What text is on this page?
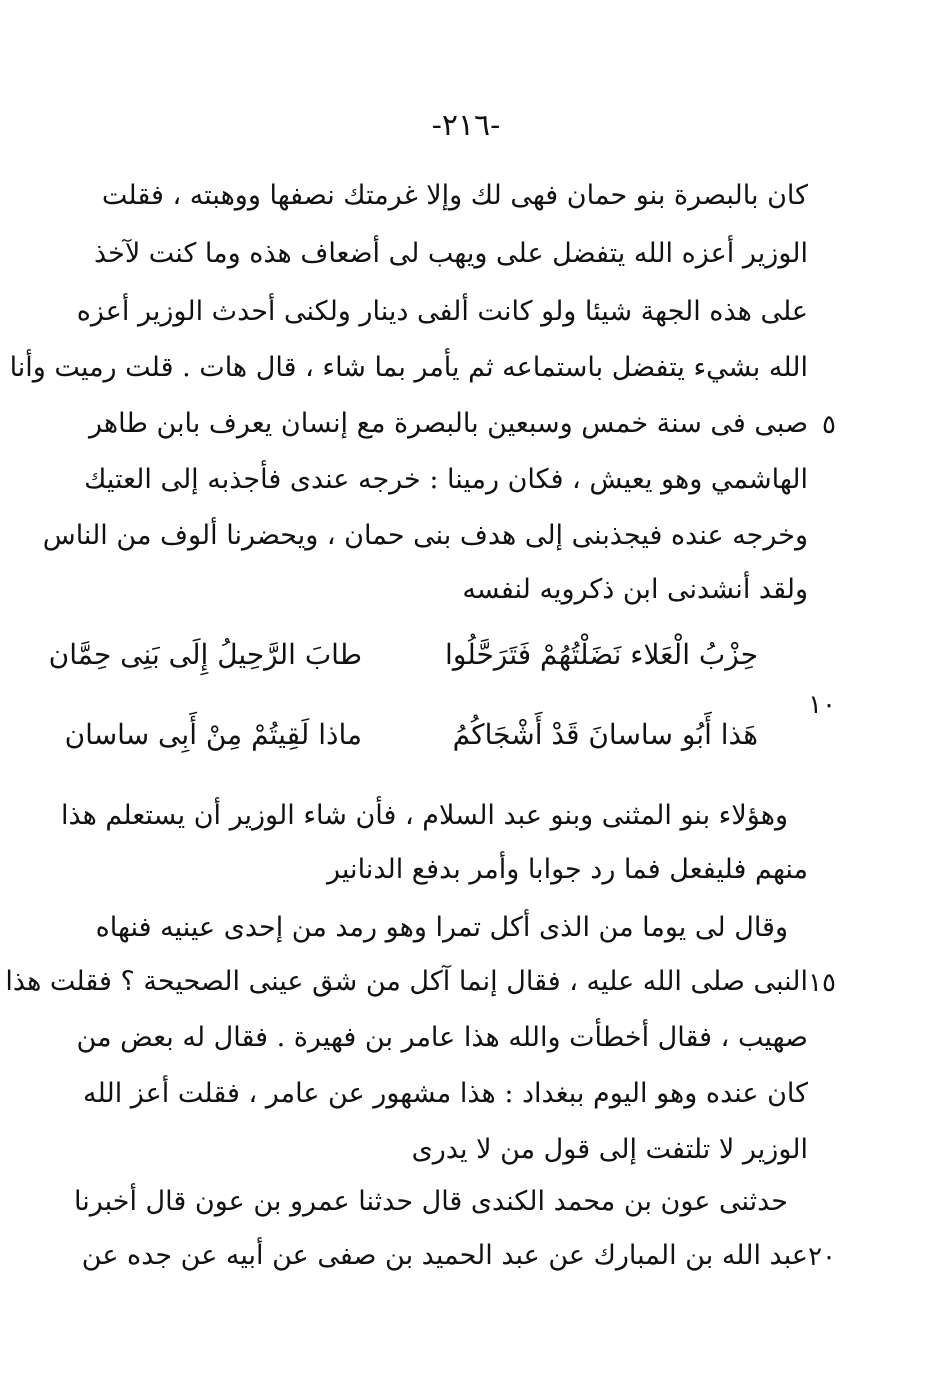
-٢١٦-
كان بالبصرة بنو حمان فهى لك وإلا غرمتك نصفها ووهبته ، فقلت
الوزير أعزه الله يتفضل على ويهب لى أضعاف هذه وما كنت لآخذ
على هذه الجهة شيئا ولو كانت ألفى دينار ولكنى أحدث الوزير أعزه
الله بشيء يتفضل باستماعه ثم يأمر بما شاء ، قال هات . قلت رميت وأنا
صبى فى سنة خمس وسبعين بالبصرة مع إنسان يعرف بابن طاهر ٥
الهاشمي وهو يعيش ، فكان رمينا : خرجه عندى فأجذبه إلى العتيك
وخرجه عنده فيجذبنى إلى هدف بنى حمان ، ويحضرنا ألوف من الناس
ولقد أنشدنى ابن ذكرويه لنفسه
طابَ الرَّحِيلُ إِلَى بَنِى حِمَّان	حِزْبُ الْعَلاء نَضَلْتُهُمْ فَتَرَحَّلُوا
١٠
ماذا لَقِيتُمْ مِنْ أَبِى ساسان	هَذا أَبُو ساسانَ قَدْ أَشْجَاكُمُ
وهؤلاء بنو المثنى وبنو عبد السلام ، فأن شاء الوزير أن يستعلم هذا
منهم فليفعل فما رد جوابا وأمر بدفع الدنانير
وقال لى يوما من الذى أكل تمرا وهو رمد من إحدى عينيه فنهاه
النبى صلى الله عليه ، فقال إنما آكل من شق عينى الصحيحة ؟ فقلت هذا ١٥
صهيب ، فقال أخطأت والله هذا عامر بن فهيرة . فقال له بعض من
كان عنده وهو اليوم ببغداد : هذا مشهور عن عامر ، فقلت أعز الله
الوزير لا تلتفت إلى قول من لا يدرى
حدثنى عون بن محمد الكندى قال حدثنا عمرو بن عون قال أخبرنا
عبد الله بن المبارك عن عبد الحميد بن صفى عن أبيه عن جده عن ٢٠
